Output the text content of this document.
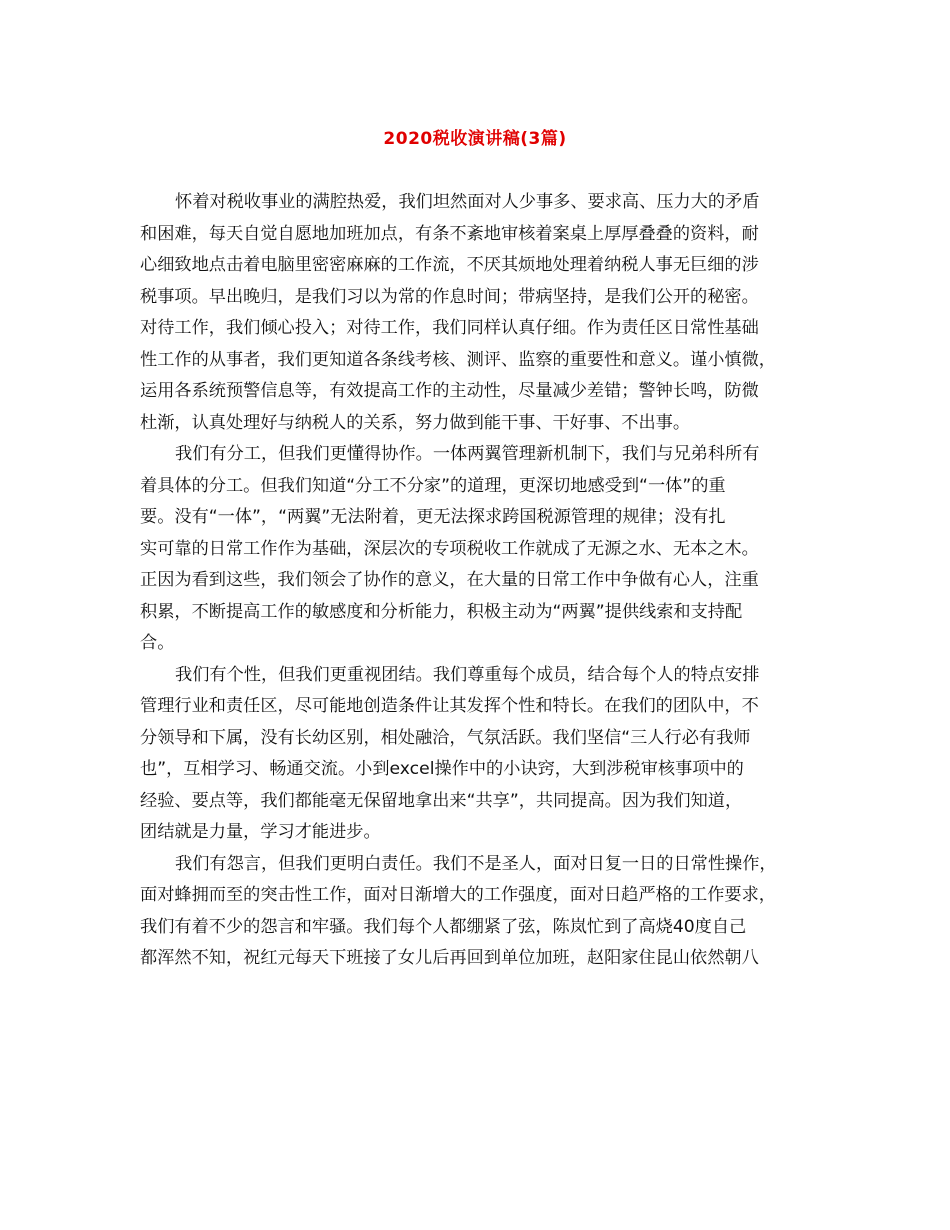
2020税收演讲稿(3篇)
怀着对税收事业的满腔热爱，我们坦然面对人少事多、要求高、压力大的矛盾
和困难，每天自觉自愿地加班加点，有条不紊地审核着案桌上厚厚叠叠的资料，耐
心细致地点击着电脑里密密麻麻的工作流，不厌其烦地处理着纳税人事无巨细的涉
税事项。早出晚归，是我们习以为常的作息时间；带病坚持，是我们公开的秘密。
对待工作，我们倾心投入；对待工作，我们同样认真仔细。作为责任区日常性基础
性工作的从事者，我们更知道各条线考核、测评、监察的重要性和意义。谨小慎微，
运用各系统预警信息等，有效提高工作的主动性，尽量减少差错；警钟长鸣，防微
杜渐，认真处理好与纳税人的关系，努力做到能干事、干好事、不出事。
我们有分工，但我们更懂得协作。一体两翼管理新机制下，我们与兄弟科所有
着具体的分工。但我们知道“分工不分家”的道理，更深切地感受到“一体”的重
要。没有“一体”，“两翼”无法附着，更无法探求跨国税源管理的规律；没有扎
实可靠的日常工作作为基础，深层次的专项税收工作就成了无源之水、无本之木。
正因为看到这些，我们领会了协作的意义，在大量的日常工作中争做有心人，注重
积累，不断提高工作的敏感度和分析能力，积极主动为“两翼”提供线索和支持配
合。
我们有个性，但我们更重视团结。我们尊重每个成员，结合每个人的特点安排
管理行业和责任区，尽可能地创造条件让其发挥个性和特长。在我们的团队中，不
分领导和下属，没有长幼区别，相处融洽，气氛活跃。我们坚信“三人行必有我师
也”，互相学习、畅通交流。小到excel操作中的小诀窍，大到涉税审核事项中的
经验、要点等，我们都能毫无保留地拿出来“共享”，共同提高。因为我们知道，
团结就是力量，学习才能进步。
我们有怨言，但我们更明白责任。我们不是圣人，面对日复一日的日常性操作，
面对蜂拥而至的突击性工作，面对日渐增大的工作强度，面对日趋严格的工作要求，
我们有着不少的怨言和牢骚。我们每个人都绷紧了弦，陈岚忙到了高烧40度自己
都浑然不知，祝红元每天下班接了女儿后再回到单位加班，赵阳家住昆山依然朝八
